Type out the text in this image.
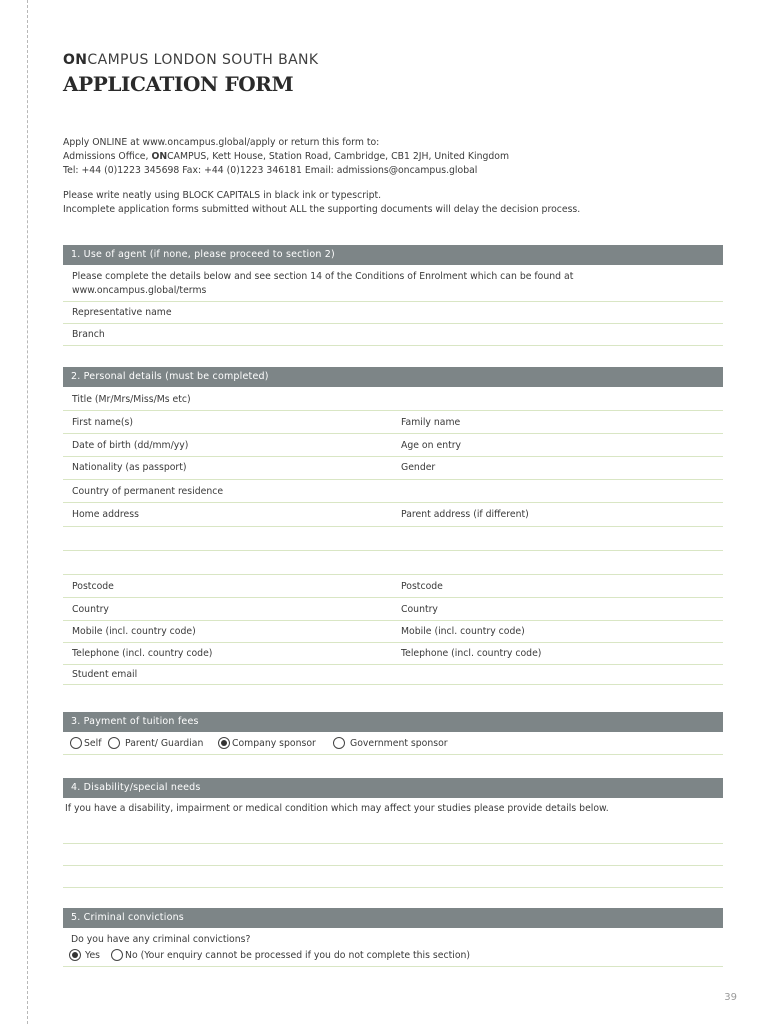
ONCAMPUS LONDON SOUTH BANK
APPLICATION FORM
Apply ONLINE at www.oncampus.global/apply or return this form to:
Admissions Office, ONCAMPUS, Kett House, Station Road, Cambridge, CB1 2JH, United Kingdom
Tel: +44 (0)1223 345698 Fax: +44 (0)1223 346181 Email: admissions@oncampus.global
Please write neatly using BLOCK CAPITALS in black ink or typescript.
Incomplete application forms submitted without ALL the supporting documents will delay the decision process.
1. Use of agent (if none, please proceed to section 2)
Please complete the details below and see section 14 of the Conditions of Enrolment which can be found at
www.oncampus.global/terms
Representative name
Branch
2. Personal details (must be completed)
Title (Mr/Mrs/Miss/Ms etc)
First name(s)	Family name
Date of birth (dd/mm/yy)	Age on entry
Nationality (as passport)	Gender
Country of permanent residence
Home address	Parent address (if different)
Postcode	Postcode
Country	Country
Mobile (incl. country code)	Mobile (incl. country code)
Telephone (incl. country code)	Telephone (incl. country code)
Student email
3. Payment of tuition fees
Self	Parent/ Guardian	Company sponsor	Government sponsor
4. Disability/special needs
If you have a disability, impairment or medical condition which may affect your studies please provide details below.
5. Criminal convictions
Do you have any criminal convictions?
Yes	No (Your enquiry cannot be processed if you do not complete this section)
39
